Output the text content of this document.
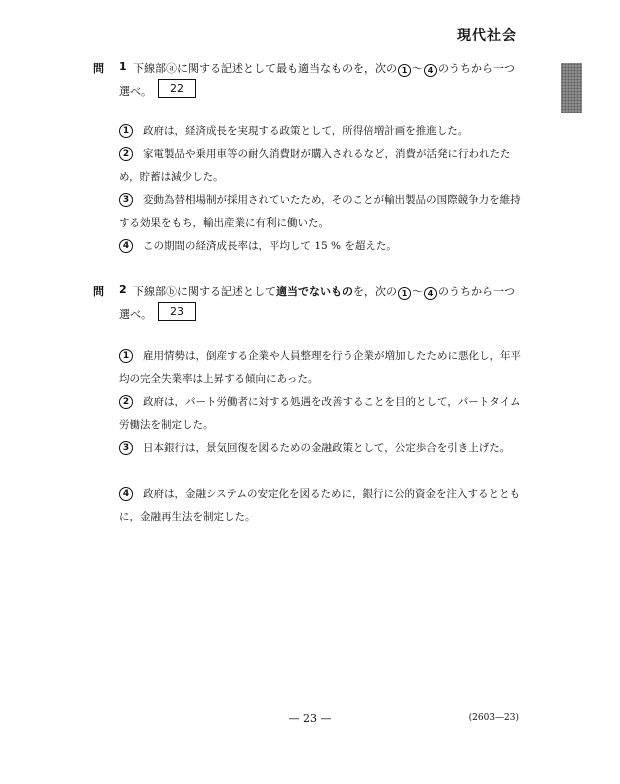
現代社会
問 1 下線部ⓐに関する記述として最も適当なものを，次の 1 〜 4 のうちから一つ
選べ。	22
1	政府は，経済成長を実現する政策として，所得倍増計画を推進した。
2	家電製品や乗用車等の耐久消費財が購入されるなど，消費が活発に行われたため，貯蓄は減少した。
3	変動為替相場制が採用されていたため，そのことが輸出製品の国際競争力を維持する効果をもち，輸出産業に有利に働いた。
4	この期間の経済成長率は，平均して 15 % を超えた。
問 2 下線部ⓑに関する記述として適当でないものを，次の 1 〜 4 のうちから一つ
選べ。	23
1	雇用情勢は，倒産する企業や人員整理を行う企業が増加したために悪化し，年平均の完全失業率は上昇する傾向にあった。
2	政府は，パート労働者に対する処遇を改善することを目的として，パートタイム労働法を制定した。
3	日本銀行は，景気回復を図るための金融政策として，公定歩合を引き上げた。
4	政府は，金融システムの安定化を図るために，銀行に公的資金を注入するとともに，金融再生法を制定した。
— 23 —	(2603—23)
